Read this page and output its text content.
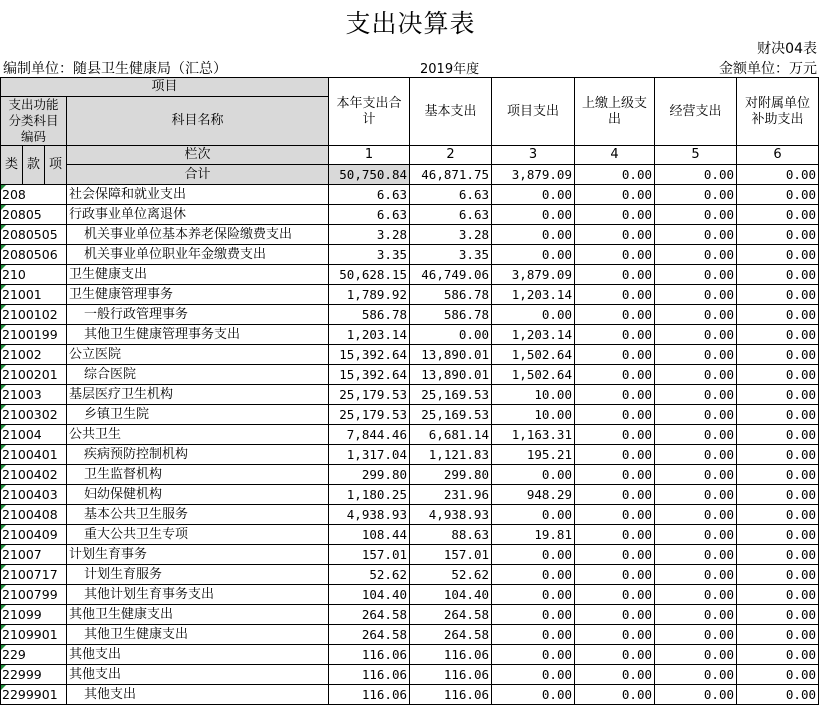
支出决算表
财决04表
编制单位：随县卫生健康局（汇总）	2019年度	金额单位：万元
项目				本年支出合计	基本支出	项目支出	上缴上级支出	经营支出	对附属单位补助支出
支出功能分类科目编码			科目名称						

类	款	项	栏次	1	2	3	4	5	6
			合计	50,750.84	46,871.75	3,879.09	0.00	0.00	0.00
208			社会保障和就业支出	6.63	6.63	0.00	0.00	0.00	0.00
20805			行政事业单位离退休	6.63	6.63	0.00	0.00	0.00	0.00
2080505			机关事业单位基本养老保险缴费支出	3.28	3.28	0.00	0.00	0.00	0.00
2080506			机关事业单位职业年金缴费支出	3.35	3.35	0.00	0.00	0.00	0.00
210			卫生健康支出	50,628.15	46,749.06	3,879.09	0.00	0.00	0.00
21001			卫生健康管理事务	1,789.92	586.78	1,203.14	0.00	0.00	0.00
2100102			一般行政管理事务	586.78	586.78	0.00	0.00	0.00	0.00
2100199			其他卫生健康管理事务支出	1,203.14	0.00	1,203.14	0.00	0.00	0.00
21002			公立医院	15,392.64	13,890.01	1,502.64	0.00	0.00	0.00
2100201			综合医院	15,392.64	13,890.01	1,502.64	0.00	0.00	0.00
21003			基层医疗卫生机构	25,179.53	25,169.53	10.00	0.00	0.00	0.00
2100302			乡镇卫生院	25,179.53	25,169.53	10.00	0.00	0.00	0.00
21004			公共卫生	7,844.46	6,681.14	1,163.31	0.00	0.00	0.00
2100401			疾病预防控制机构	1,317.04	1,121.83	195.21	0.00	0.00	0.00
2100402			卫生监督机构	299.80	299.80	0.00	0.00	0.00	0.00
2100403			妇幼保健机构	1,180.25	231.96	948.29	0.00	0.00	0.00
2100408			基本公共卫生服务	4,938.93	4,938.93	0.00	0.00	0.00	0.00
2100409			重大公共卫生专项	108.44	88.63	19.81	0.00	0.00	0.00
21007			计划生育事务	157.01	157.01	0.00	0.00	0.00	0.00
2100717			计划生育服务	52.62	52.62	0.00	0.00	0.00	0.00
2100799			其他计划生育事务支出	104.40	104.40	0.00	0.00	0.00	0.00
21099			其他卫生健康支出	264.58	264.58	0.00	0.00	0.00	0.00
2109901			其他卫生健康支出	264.58	264.58	0.00	0.00	0.00	0.00
229			其他支出	116.06	116.06	0.00	0.00	0.00	0.00
22999			其他支出	116.06	116.06	0.00	0.00	0.00	0.00
2299901			其他支出	116.06	116.06	0.00	0.00	0.00	0.00
